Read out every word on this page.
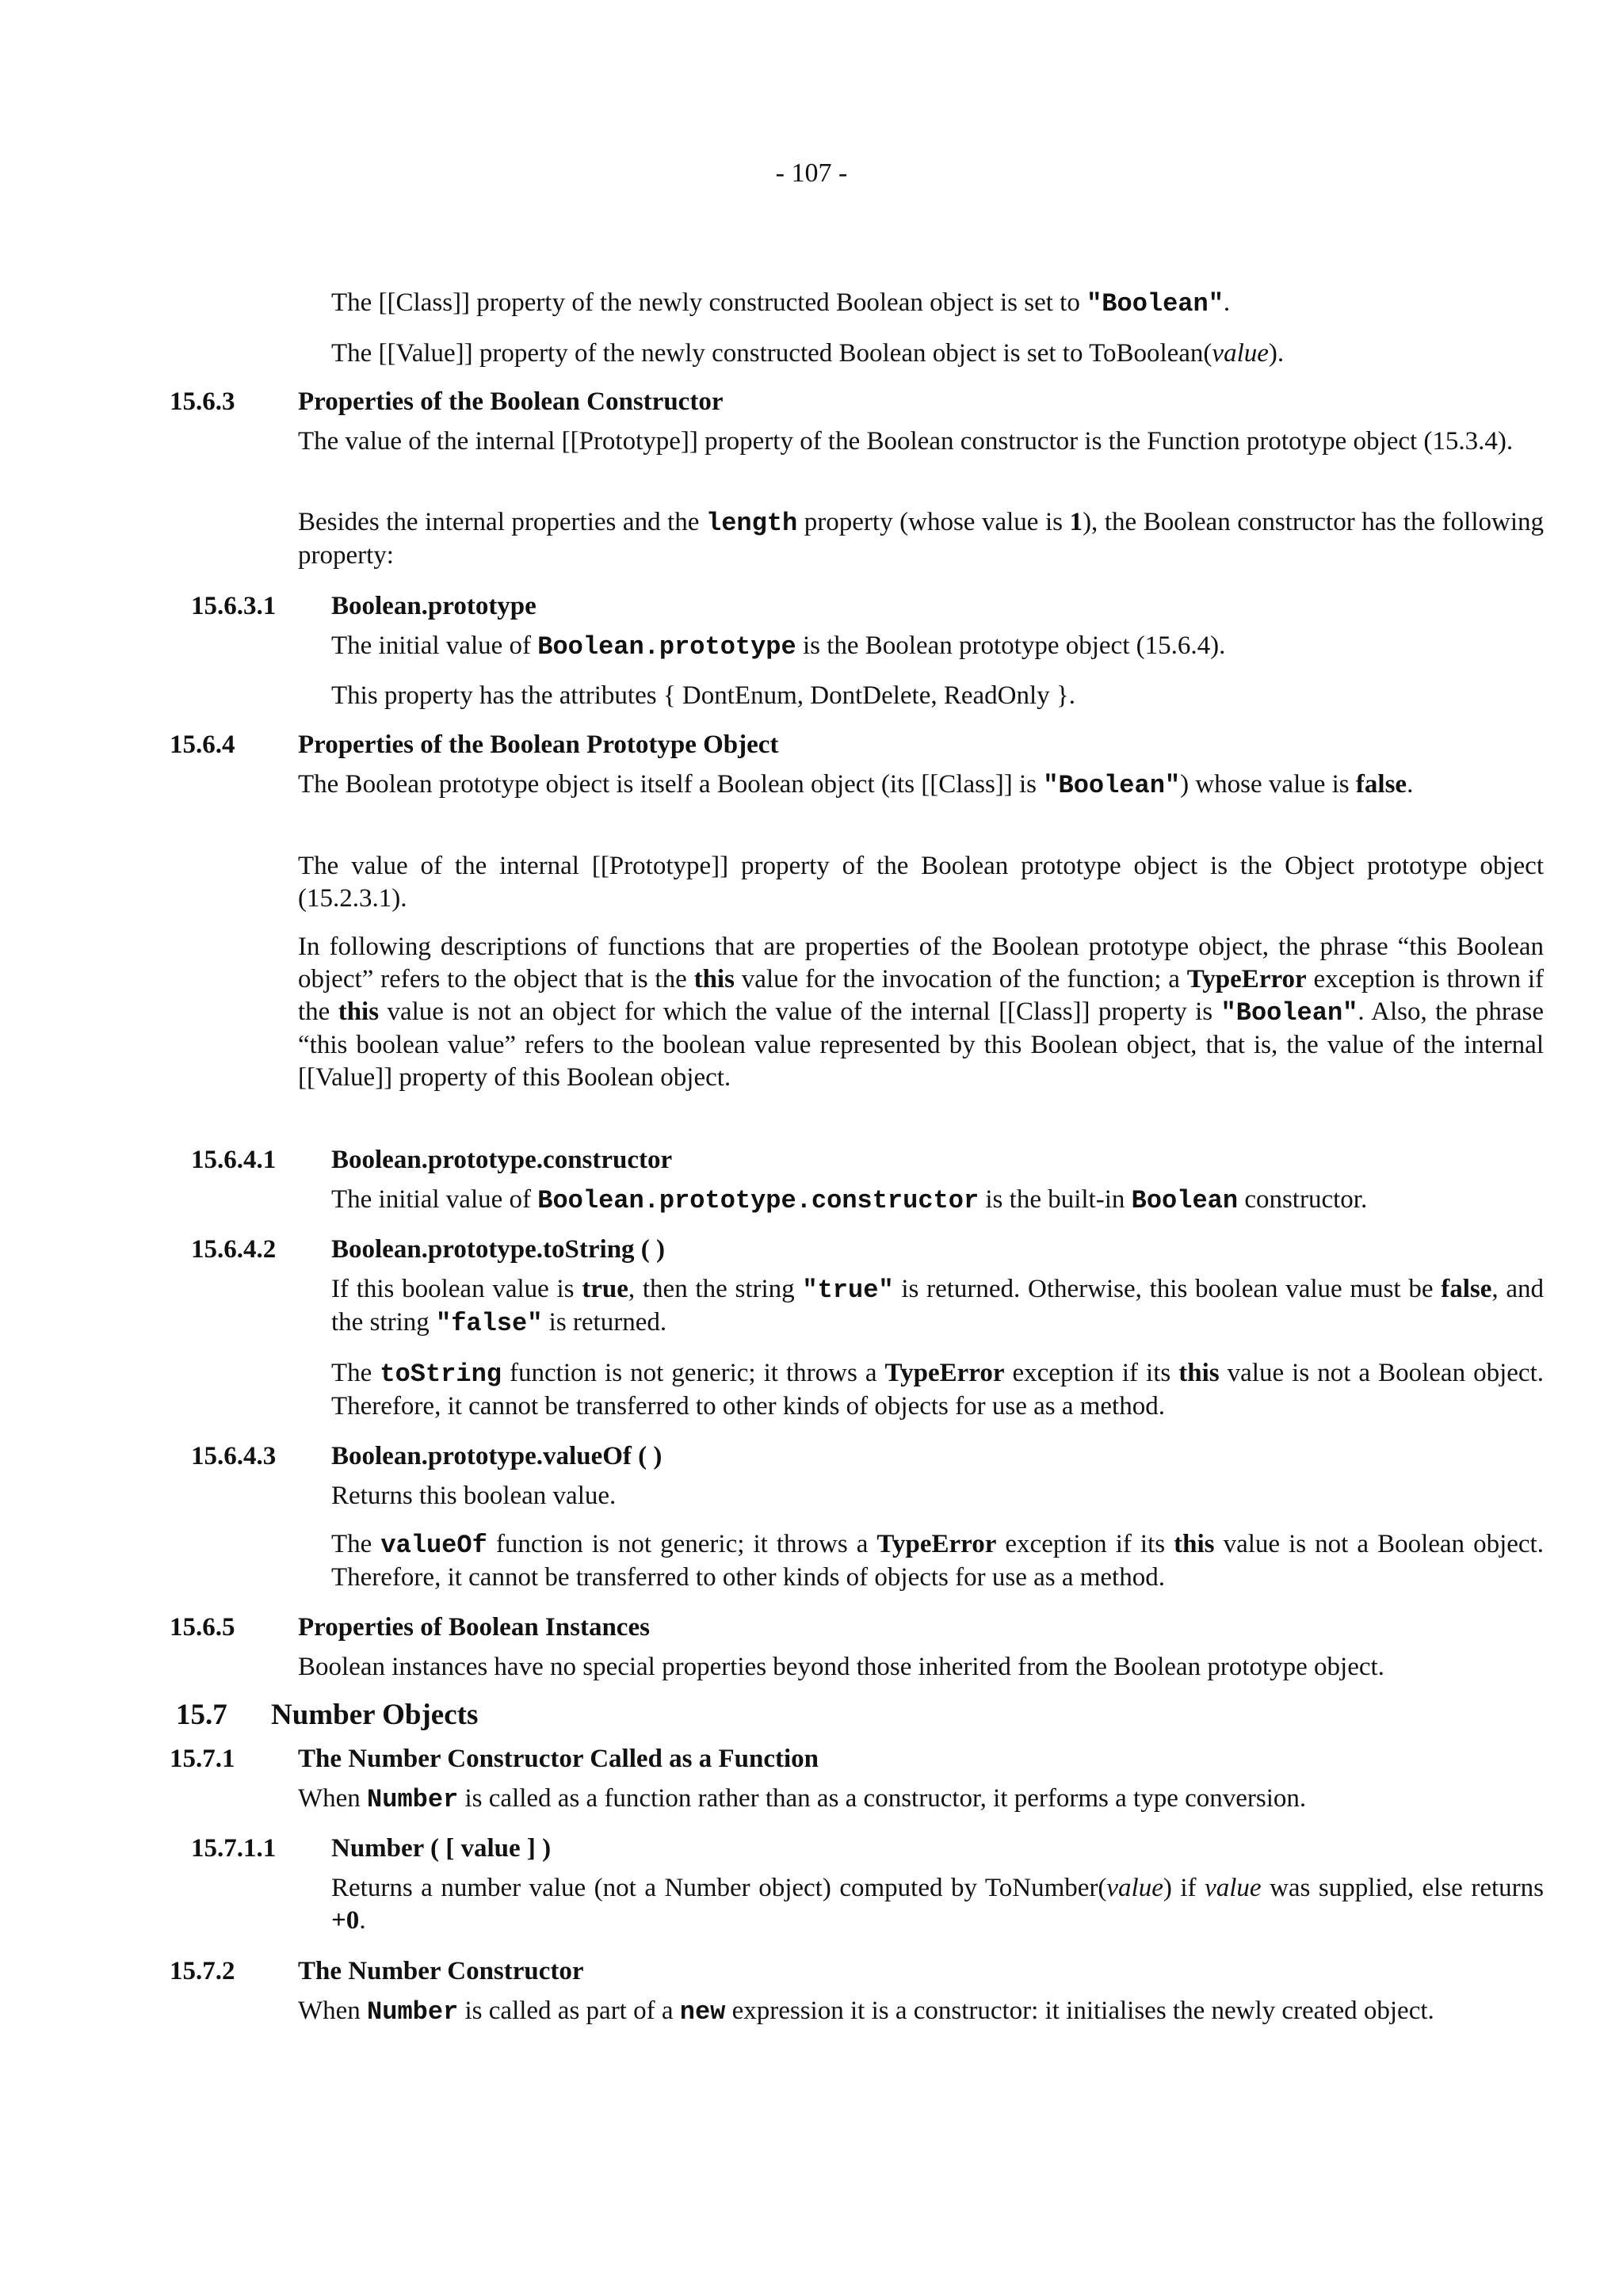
- 107 -

The [[Class]] property of the newly constructed Boolean object is set to "Boolean".

The [[Value]] property of the newly constructed Boolean object is set to ToBoolean(value).

15.6.3 Properties of the Boolean Constructor

The value of the internal [[Prototype]] property of the Boolean constructor is the Function prototype object (15.3.4).

Besides the internal properties and the length property (whose value is 1), the Boolean constructor has the following property:

15.6.3.1 Boolean.prototype

The initial value of Boolean.prototype is the Boolean prototype object (15.6.4).

This property has the attributes { DontEnum, DontDelete, ReadOnly }.

15.6.4 Properties of the Boolean Prototype Object

The Boolean prototype object is itself a Boolean object (its [[Class]] is "Boolean") whose value is false.

The value of the internal [[Prototype]] property of the Boolean prototype object is the Object prototype object (15.2.3.1).

In following descriptions of functions that are properties of the Boolean prototype object, the phrase “this Boolean object” refers to the object that is the this value for the invocation of the function; a TypeError exception is thrown if the this value is not an object for which the value of the internal [[Class]] property is "Boolean". Also, the phrase “this boolean value” refers to the boolean value represented by this Boolean object, that is, the value of the internal [[Value]] property of this Boolean object.

15.6.4.1 Boolean.prototype.constructor

The initial value of Boolean.prototype.constructor is the built-in Boolean constructor.

15.6.4.2 Boolean.prototype.toString ( )

If this boolean value is true, then the string "true" is returned. Otherwise, this boolean value must be false, and the string "false" is returned.

The toString function is not generic; it throws a TypeError exception if its this value is not a Boolean object. Therefore, it cannot be transferred to other kinds of objects for use as a method.

15.6.4.3 Boolean.prototype.valueOf ( )

Returns this boolean value.

The valueOf function is not generic; it throws a TypeError exception if its this value is not a Boolean object. Therefore, it cannot be transferred to other kinds of objects for use as a method.

15.6.5 Properties of Boolean Instances

Boolean instances have no special properties beyond those inherited from the Boolean prototype object.

15.7 Number Objects
15.7.1 The Number Constructor Called as a Function

When Number is called as a function rather than as a constructor, it performs a type conversion.

15.7.1.1 Number ( [ value ] )

Returns a number value (not a Number object) computed by ToNumber(value) if value was supplied, else returns +0.

15.7.2 The Number Constructor

When Number is called as part of a new expression it is a constructor: it initialises the newly created object.
